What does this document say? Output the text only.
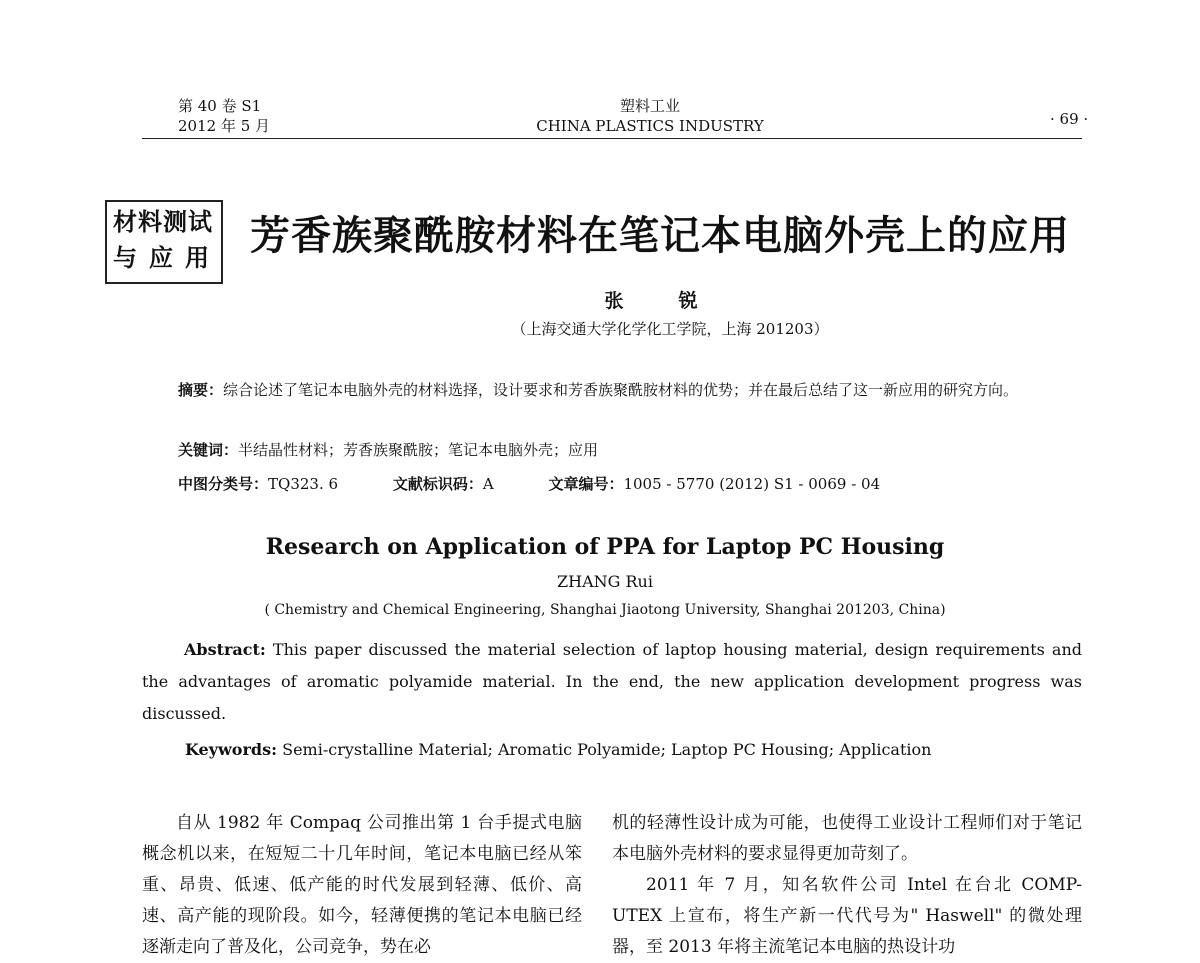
第 40 卷 S1
2012 年 5 月
塑料工业
CHINA PLASTICS INDUSTRY	· 69 ·
材料测试
与应用 芳香族聚酰胺材料在笔记本电脑外壳上的应用
张　锐
（上海交通大学化学化工学院，上海 201203）
摘要：综合论述了笔记本电脑外壳的材料选择，设计要求和芳香族聚酰胺材料的优势；并在最后总结了这一新应用的研究方向。
关键词：半结晶性材料；芳香族聚酰胺；笔记本电脑外壳；应用
中图分类号：TQ323. 6	文献标识码：A	文章编号：1005 - 5770 (2012) S1 - 0069 - 04
Research on Application of PPA for Laptop PC Housing
ZHANG Rui
( Chemistry and Chemical Engineering, Shanghai Jiaotong University, Shanghai 201203, China)
Abstract: This paper discussed the material selection of laptop housing material, design requirements and the advantages of aromatic polyamide material. In the end, the new application development progress was discussed.
Keywords: Semi-crystalline Material; Aromatic Polyamide; Laptop PC Housing; Application

自从 1982 年 Compaq 公司推出第 1 台手提式电脑概念机以来，在短短二十几年时间，笔记本电脑已经从笨重、昂贵、低速、低产能的时代发展到轻薄、低价、高速、高产能的现阶段。如今，轻薄便携的笔记本电脑已经逐渐走向了普及化，公司竞争，势在必

机的轻薄性设计成为可能，也使得工业设计工程师们对于笔记本电脑外壳材料的要求显得更加苛刻了。

2011 年 7 月，知名软件公司 Intel 在台北 COMP-UTEX 上宣布，将生产新一代代号为" Haswell" 的微处理器，至 2013 年将主流笔记本电脑的热设计功
